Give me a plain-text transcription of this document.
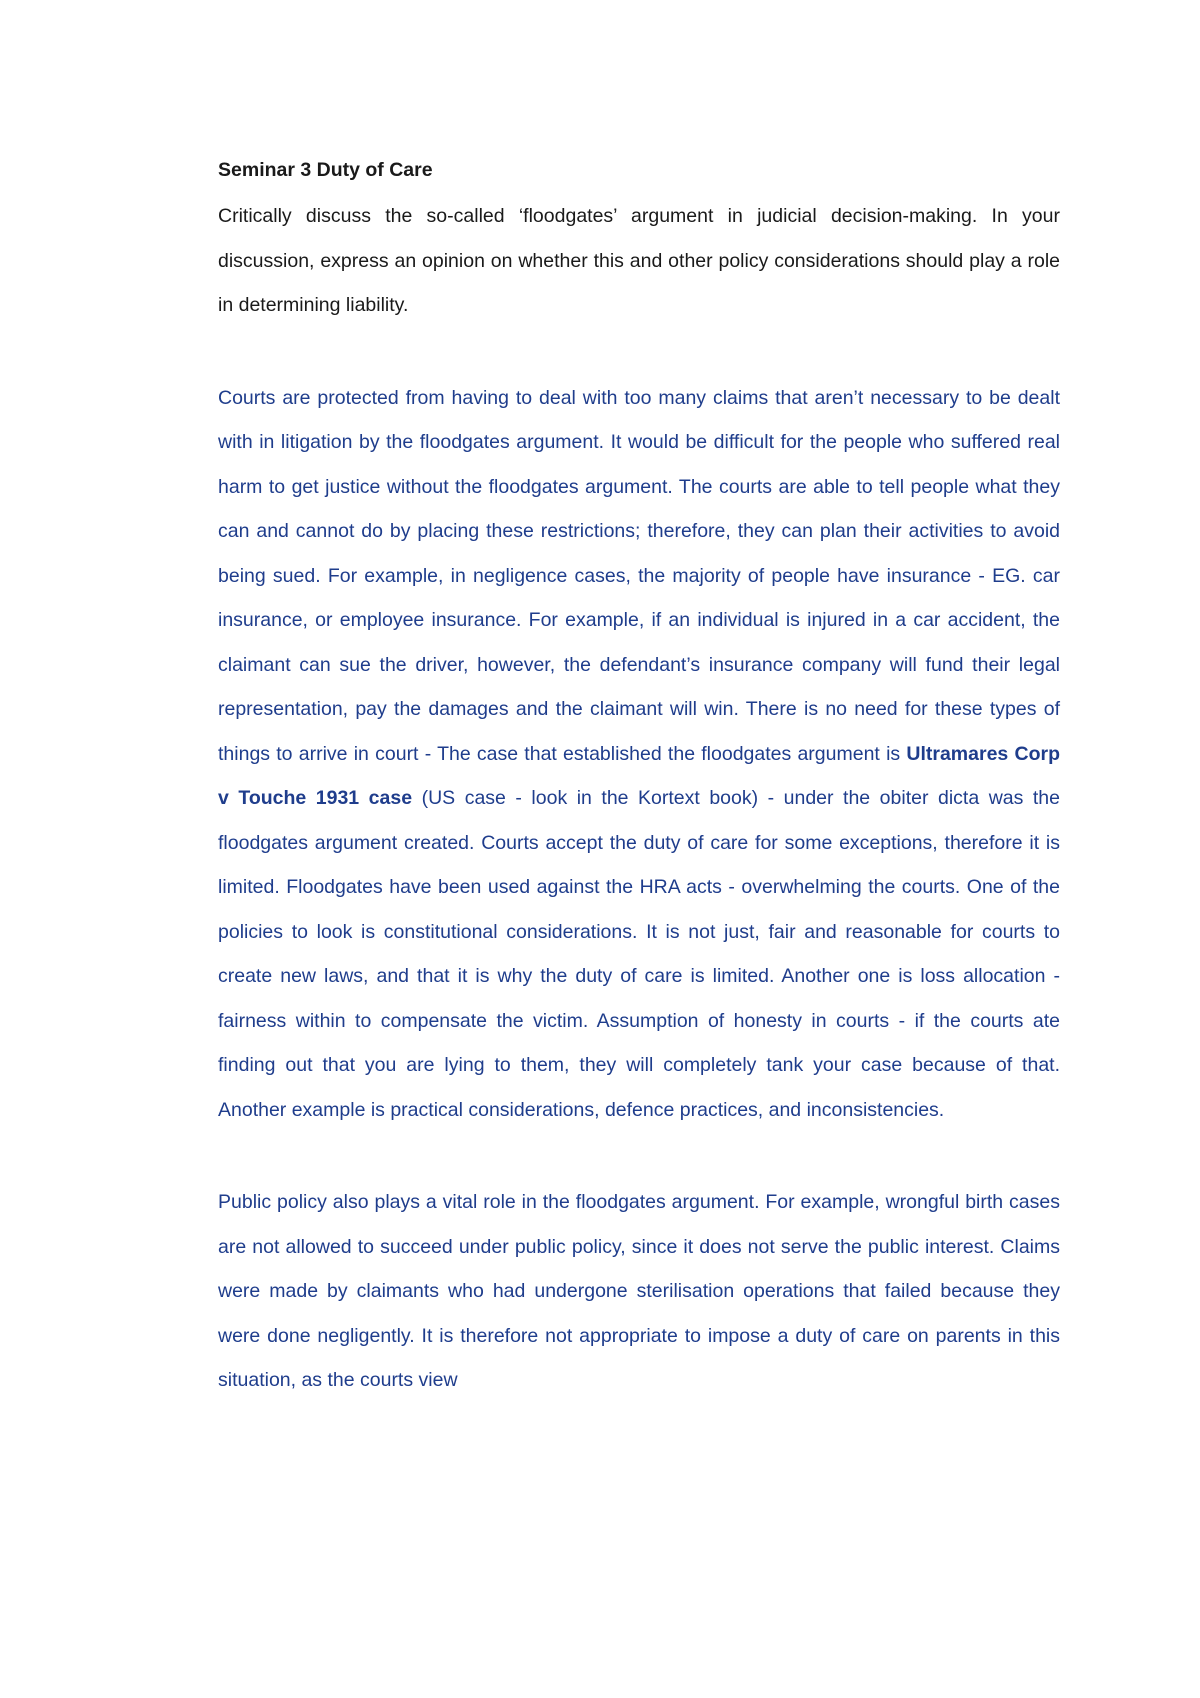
Seminar 3 Duty of Care

Critically discuss the so-called ‘floodgates’ argument in judicial decision-making. In your discussion, express an opinion on whether this and other policy considerations should play a role in determining liability.

Courts are protected from having to deal with too many claims that aren’t necessary to be dealt with in litigation by the floodgates argument. It would be difficult for the people who suffered real harm to get justice without the floodgates argument. The courts are able to tell people what they can and cannot do by placing these restrictions; therefore, they can plan their activities to avoid being sued. For example, in negligence cases, the majority of people have insurance - EG. car insurance, or employee insurance. For example, if an individual is injured in a car accident, the claimant can sue the driver, however, the defendant’s insurance company will fund their legal representation, pay the damages and the claimant will win. There is no need for these types of things to arrive in court - The case that established the floodgates argument is Ultramares Corp v Touche 1931 case (US case - look in the Kortext book) - under the obiter dicta was the floodgates argument created. Courts accept the duty of care for some exceptions, therefore it is limited. Floodgates have been used against the HRA acts - overwhelming the courts. One of the policies to look is constitutional considerations. It is not just, fair and reasonable for courts to create new laws, and that it is why the duty of care is limited. Another one is loss allocation - fairness within to compensate the victim. Assumption of honesty in courts - if the courts ate finding out that you are lying to them, they will completely tank your case because of that. Another example is practical considerations, defence practices, and inconsistencies.

Public policy also plays a vital role in the floodgates argument. For example, wrongful birth cases are not allowed to succeed under public policy, since it does not serve the public interest. Claims were made by claimants who had undergone sterilisation operations that failed because they were done negligently. It is therefore not appropriate to impose a duty of care on parents in this situation, as the courts view
